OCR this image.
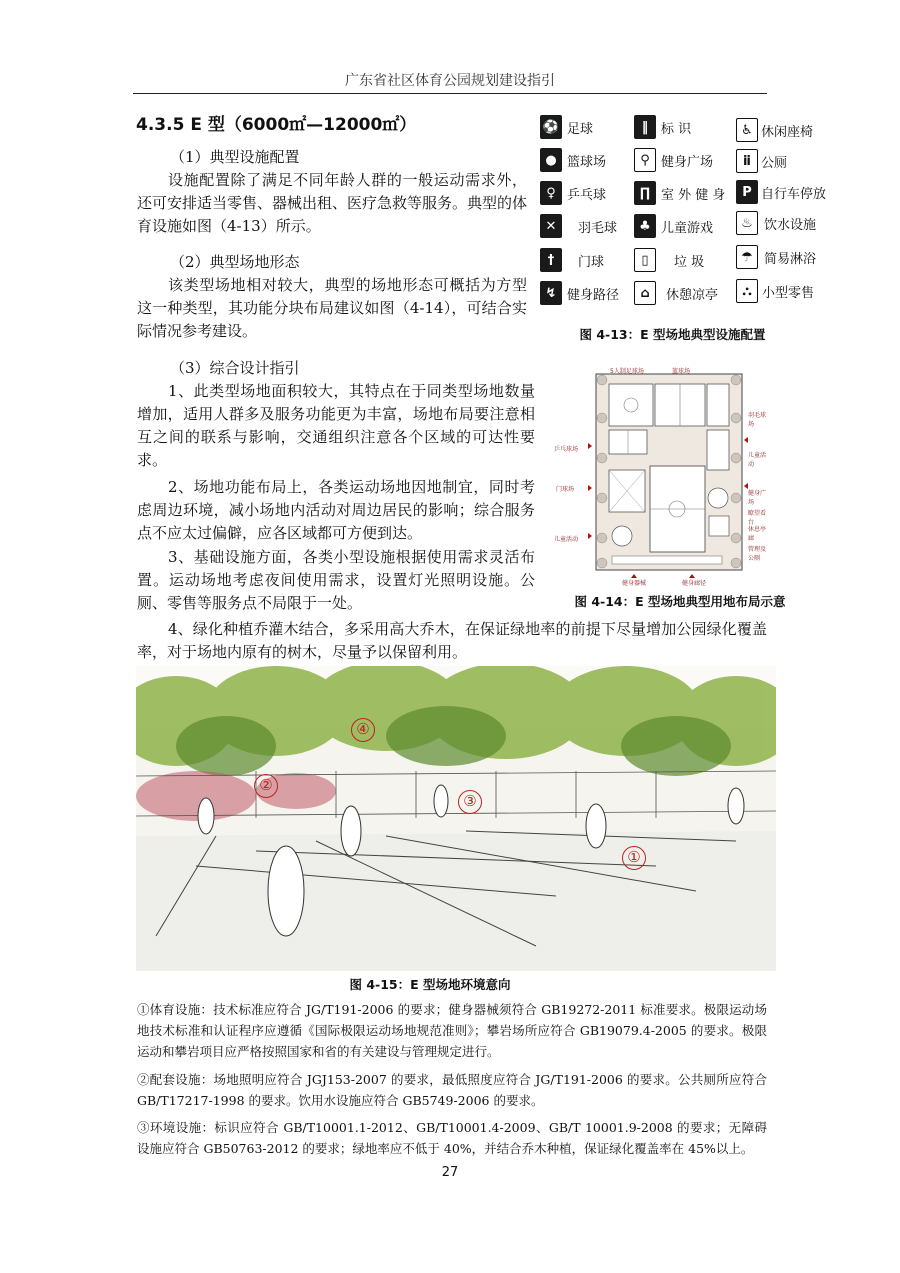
广东省社区体育公园规划建设指引
4.3.5 E 型（6000㎡—12000㎡）
（1）典型设施配置
设施配置除了满足不同年龄人群的一般运动需求外，还可安排适当零售、器械出租、医疗急救等服务。典型的体育设施如图（4-13）所示。
（2）典型场地形态
该类型场地相对较大，典型的场地形态可概括为方型这一种类型，其功能分块布局建议如图（4-14），可结合实际情况参考建设。
（3）综合设计指引
1、此类型场地面积较大，其特点在于同类型场地数量增加，适用人群多及服务功能更为丰富，场地布局要注意相互之间的联系与影响，交通组织注意各个区域的可达性要求。
2、场地功能布局上，各类运动场地因地制宜，同时考虑周边环境，减小场地内活动对周边居民的影响；综合服务点不应太过偏僻，应各区域都可方便到达。
3、基础设施方面，各类小型设施根据使用需求灵活布置。运动场地考虑夜间使用需求，设置灯光照明设施。公厕、零售等服务点不局限于一处。
4、绿化种植乔灌木结合，多采用高大乔木，在保证绿地率的前提下尽量增加公园绿化覆盖率，对于场地内原有的树木，尽量予以保留利用。
⚽ 足球
● 篮球场
♀ 乒乓球
✕	羽毛球
†	门球
↯ 健身路径
‖ 标 识
⚲ 健身广场
∏ 室 外 健 身
♣ 儿童游戏
▯	垃 圾
⌂	休憩凉亭
♿ 休闲座椅
ⅱ 公厕
P 自行车停放
♨ 饮水设施
☂ 简易淋浴
⛬ 小型零售
图 4-13：E 型场地典型设施配置
5人制足球场	篮球场
羽毛球场
乒乓球场
儿童活动
门球场
健身广场
瞭望看台
休息亭廊
儿童活动
管理及公厕
健身器械	健身廊径
图 4-14：E 型场地典型用地布局示意
④
②
③
①
图 4-15：E 型场地环境意向
①体育设施：技术标准应符合 JG/T191-2006 的要求；健身器械须符合 GB19272-2011 标准要求。极限运动场地技术标准和认证程序应遵循《国际极限运动场地规范准则》；攀岩场所应符合 GB19079.4-2005 的要求。极限运动和攀岩项目应严格按照国家和省的有关建设与管理规定进行。
②配套设施：场地照明应符合 JGJ153-2007 的要求，最低照度应符合 JG/T191-2006 的要求。公共厕所应符合 GB/T17217-1998 的要求。饮用水设施应符合 GB5749-2006 的要求。
③环境设施：标识应符合 GB/T10001.1-2012、GB/T10001.4-2009、GB/T 10001.9-2008 的要求；无障碍设施应符合 GB50763-2012 的要求；绿地率应不低于 40%，并结合乔木种植，保证绿化覆盖率在 45%以上。
27
